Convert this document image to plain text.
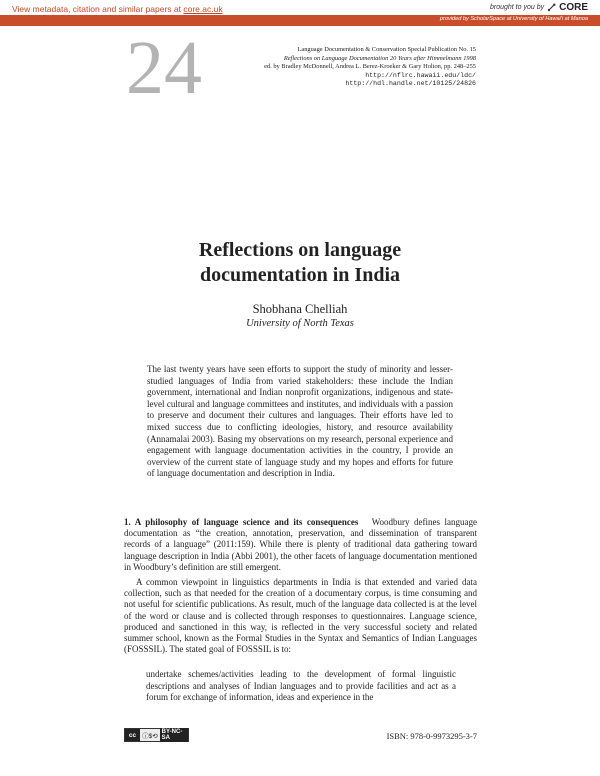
View metadata, citation and similar papers at core.ac.uk	brought to you by CORE
provided by ScholarSpace at University of Hawai'i at Manoa
24	Language Documentation & Conservation Special Publication No. 15
Reflections on Language Documentation 20 Years after Himmelmann 1998
ed. by Bradley McDonnell, Andrea L. Berez-Kroeker & Gary Holton, pp. 248–255
http://nflrc.hawaii.edu/ldc/
http://hdl.handle.net/10125/24826
Reflections on language
documentation in India
Shobhana Chelliah
University of North Texas
The last twenty years have seen efforts to support the study of minority and lesser-studied languages of India from varied stakeholders: these include the Indian government, international and Indian nonprofit organizations, indigenous and state-level cultural and language committees and institutes, and individuals with a passion to preserve and document their cultures and languages. Their efforts have led to mixed success due to conflicting ideologies, history, and resource availability (Annamalai 2003). Basing my observations on my research, personal experience and engagement with language documentation activities in the country, I provide an overview of the current state of language study and my hopes and efforts for future of language documentation and description in India.
1. A philosophy of language science and its consequences Woodbury defines language documentation as “the creation, annotation, preservation, and dissemination of transparent records of a language” (2011:159). While there is plenty of traditional data gathering toward language description in India (Abbi 2001), the other facets of language documentation mentioned in Woodbury’s definition are still emergent.
A common viewpoint in linguistics departments in India is that extended and varied data collection, such as that needed for the creation of a documentary corpus, is time consuming and not useful for scientific publications. As result, much of the language data collected is at the level of the word or clause and is collected through responses to questionnaires. Language science, produced and sanctioned in this way, is reflected in the very successful society and related summer school, known as the Formal Studies in the Syntax and Semantics of Indian Languages (FOSSSIL). The stated goal of FOSSSIL is to:
undertake schemes/activities leading to the development of formal linguistic descriptions and analyses of Indian languages and to provide facilities and act as a forum for exchange of information, ideas and experience in the
cc ⓘ$⟲
BY-NC-SA	ISBN: 978-0-9973295-3-7
